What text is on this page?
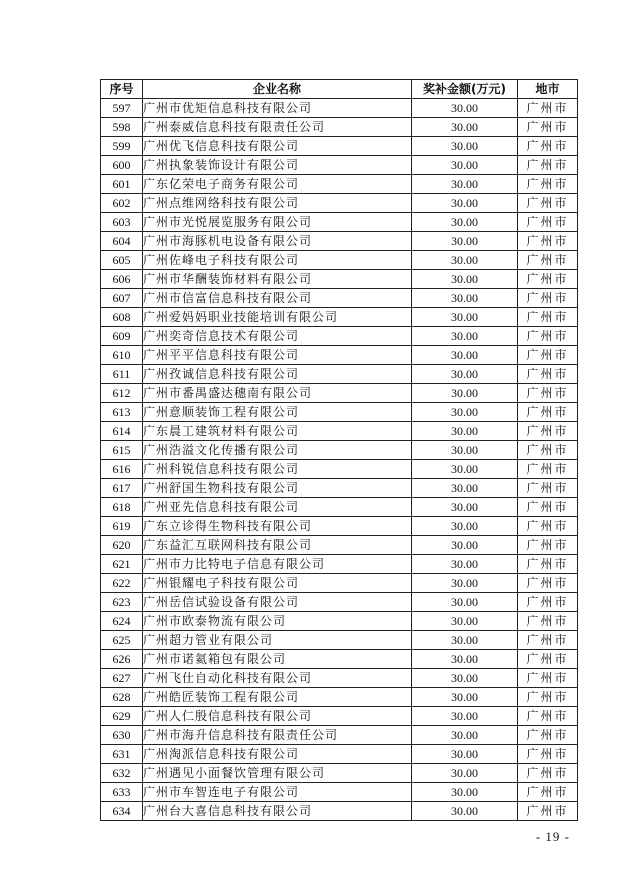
序号	企业名称	奖补金额(万元)	地市
597	广州市优矩信息科技有限公司	30.00	广州市
598	广州泰威信息科技有限责任公司	30.00	广州市
599	广州优飞信息科技有限公司	30.00	广州市
600	广州执象装饰设计有限公司	30.00	广州市
601	广东亿荣电子商务有限公司	30.00	广州市
602	广州点维网络科技有限公司	30.00	广州市
603	广州市光悦展览服务有限公司	30.00	广州市
604	广州市海豚机电设备有限公司	30.00	广州市
605	广州佐峰电子科技有限公司	30.00	广州市
606	广州市华酬装饰材料有限公司	30.00	广州市
607	广州市信富信息科技有限公司	30.00	广州市
608	广州爱妈妈职业技能培训有限公司	30.00	广州市
609	广州奕奇信息技术有限公司	30.00	广州市
610	广州平平信息科技有限公司	30.00	广州市
611	广州孜诚信息科技有限公司	30.00	广州市
612	广州市番禺盛达穗南有限公司	30.00	广州市
613	广州意顺装饰工程有限公司	30.00	广州市
614	广东晨工建筑材料有限公司	30.00	广州市
615	广州浩溢文化传播有限公司	30.00	广州市
616	广州科锐信息科技有限公司	30.00	广州市
617	广州舒国生物科技有限公司	30.00	广州市
618	广州亚先信息科技有限公司	30.00	广州市
619	广东立诊得生物科技有限公司	30.00	广州市
620	广东益汇互联网科技有限公司	30.00	广州市
621	广州市力比特电子信息有限公司	30.00	广州市
622	广州银耀电子科技有限公司	30.00	广州市
623	广州岳信试验设备有限公司	30.00	广州市
624	广州市欧泰物流有限公司	30.00	广州市
625	广州超力管业有限公司	30.00	广州市
626	广州市诺氦箱包有限公司	30.00	广州市
627	广州飞仕自动化科技有限公司	30.00	广州市
628	广州皓匠装饰工程有限公司	30.00	广州市
629	广州人仁殷信息科技有限公司	30.00	广州市
630	广州市海升信息科技有限责任公司	30.00	广州市
631	广州淘派信息科技有限公司	30.00	广州市
632	广州遇见小面餐饮管理有限公司	30.00	广州市
633	广州市车智连电子有限公司	30.00	广州市
634	广州台大喜信息科技有限公司	30.00	广州市
- 19 -
